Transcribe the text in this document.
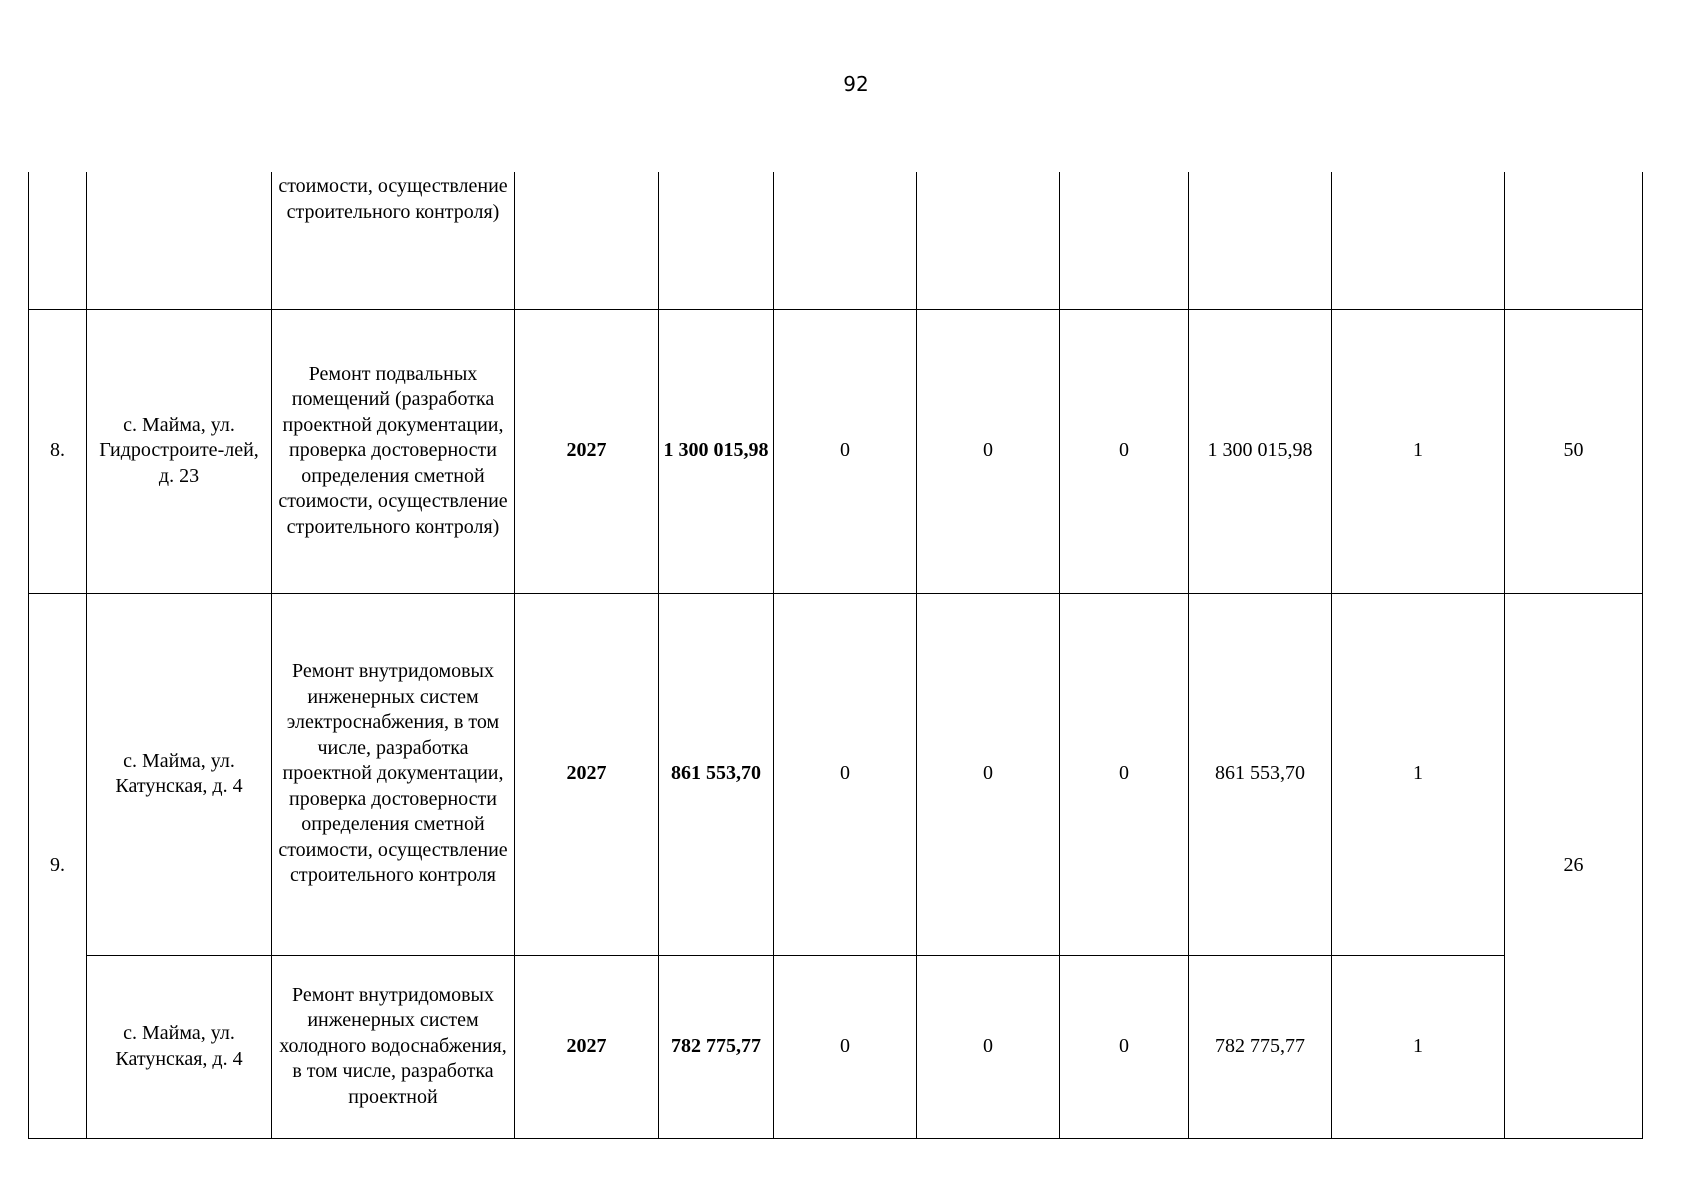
92
		стоимости, осуществление строительного контроля)								
8.	с. Майма, ул. Гидростроите-лей, д. 23	Ремонт подвальных помещений (разработка проектной документации, проверка достоверности определения сметной стоимости, осуществление строительного контроля)	2027	1 300 015,98	0	0	0	1 300 015,98	1	50
9.	с. Майма, ул. Катунская, д. 4	Ремонт внутридомовых инженерных систем электроснабжения, в том числе, разработка проектной документации, проверка достоверности определения сметной стоимости, осуществление строительного контроля	2027	861 553,70	0	0	0	861 553,70	1	26
	с. Майма, ул. Катунская, д. 4	Ремонт внутридомовых инженерных систем холодного водоснабжения, в том числе, разработка проектной	2027	782 775,77	0	0	0	782 775,77	1	
